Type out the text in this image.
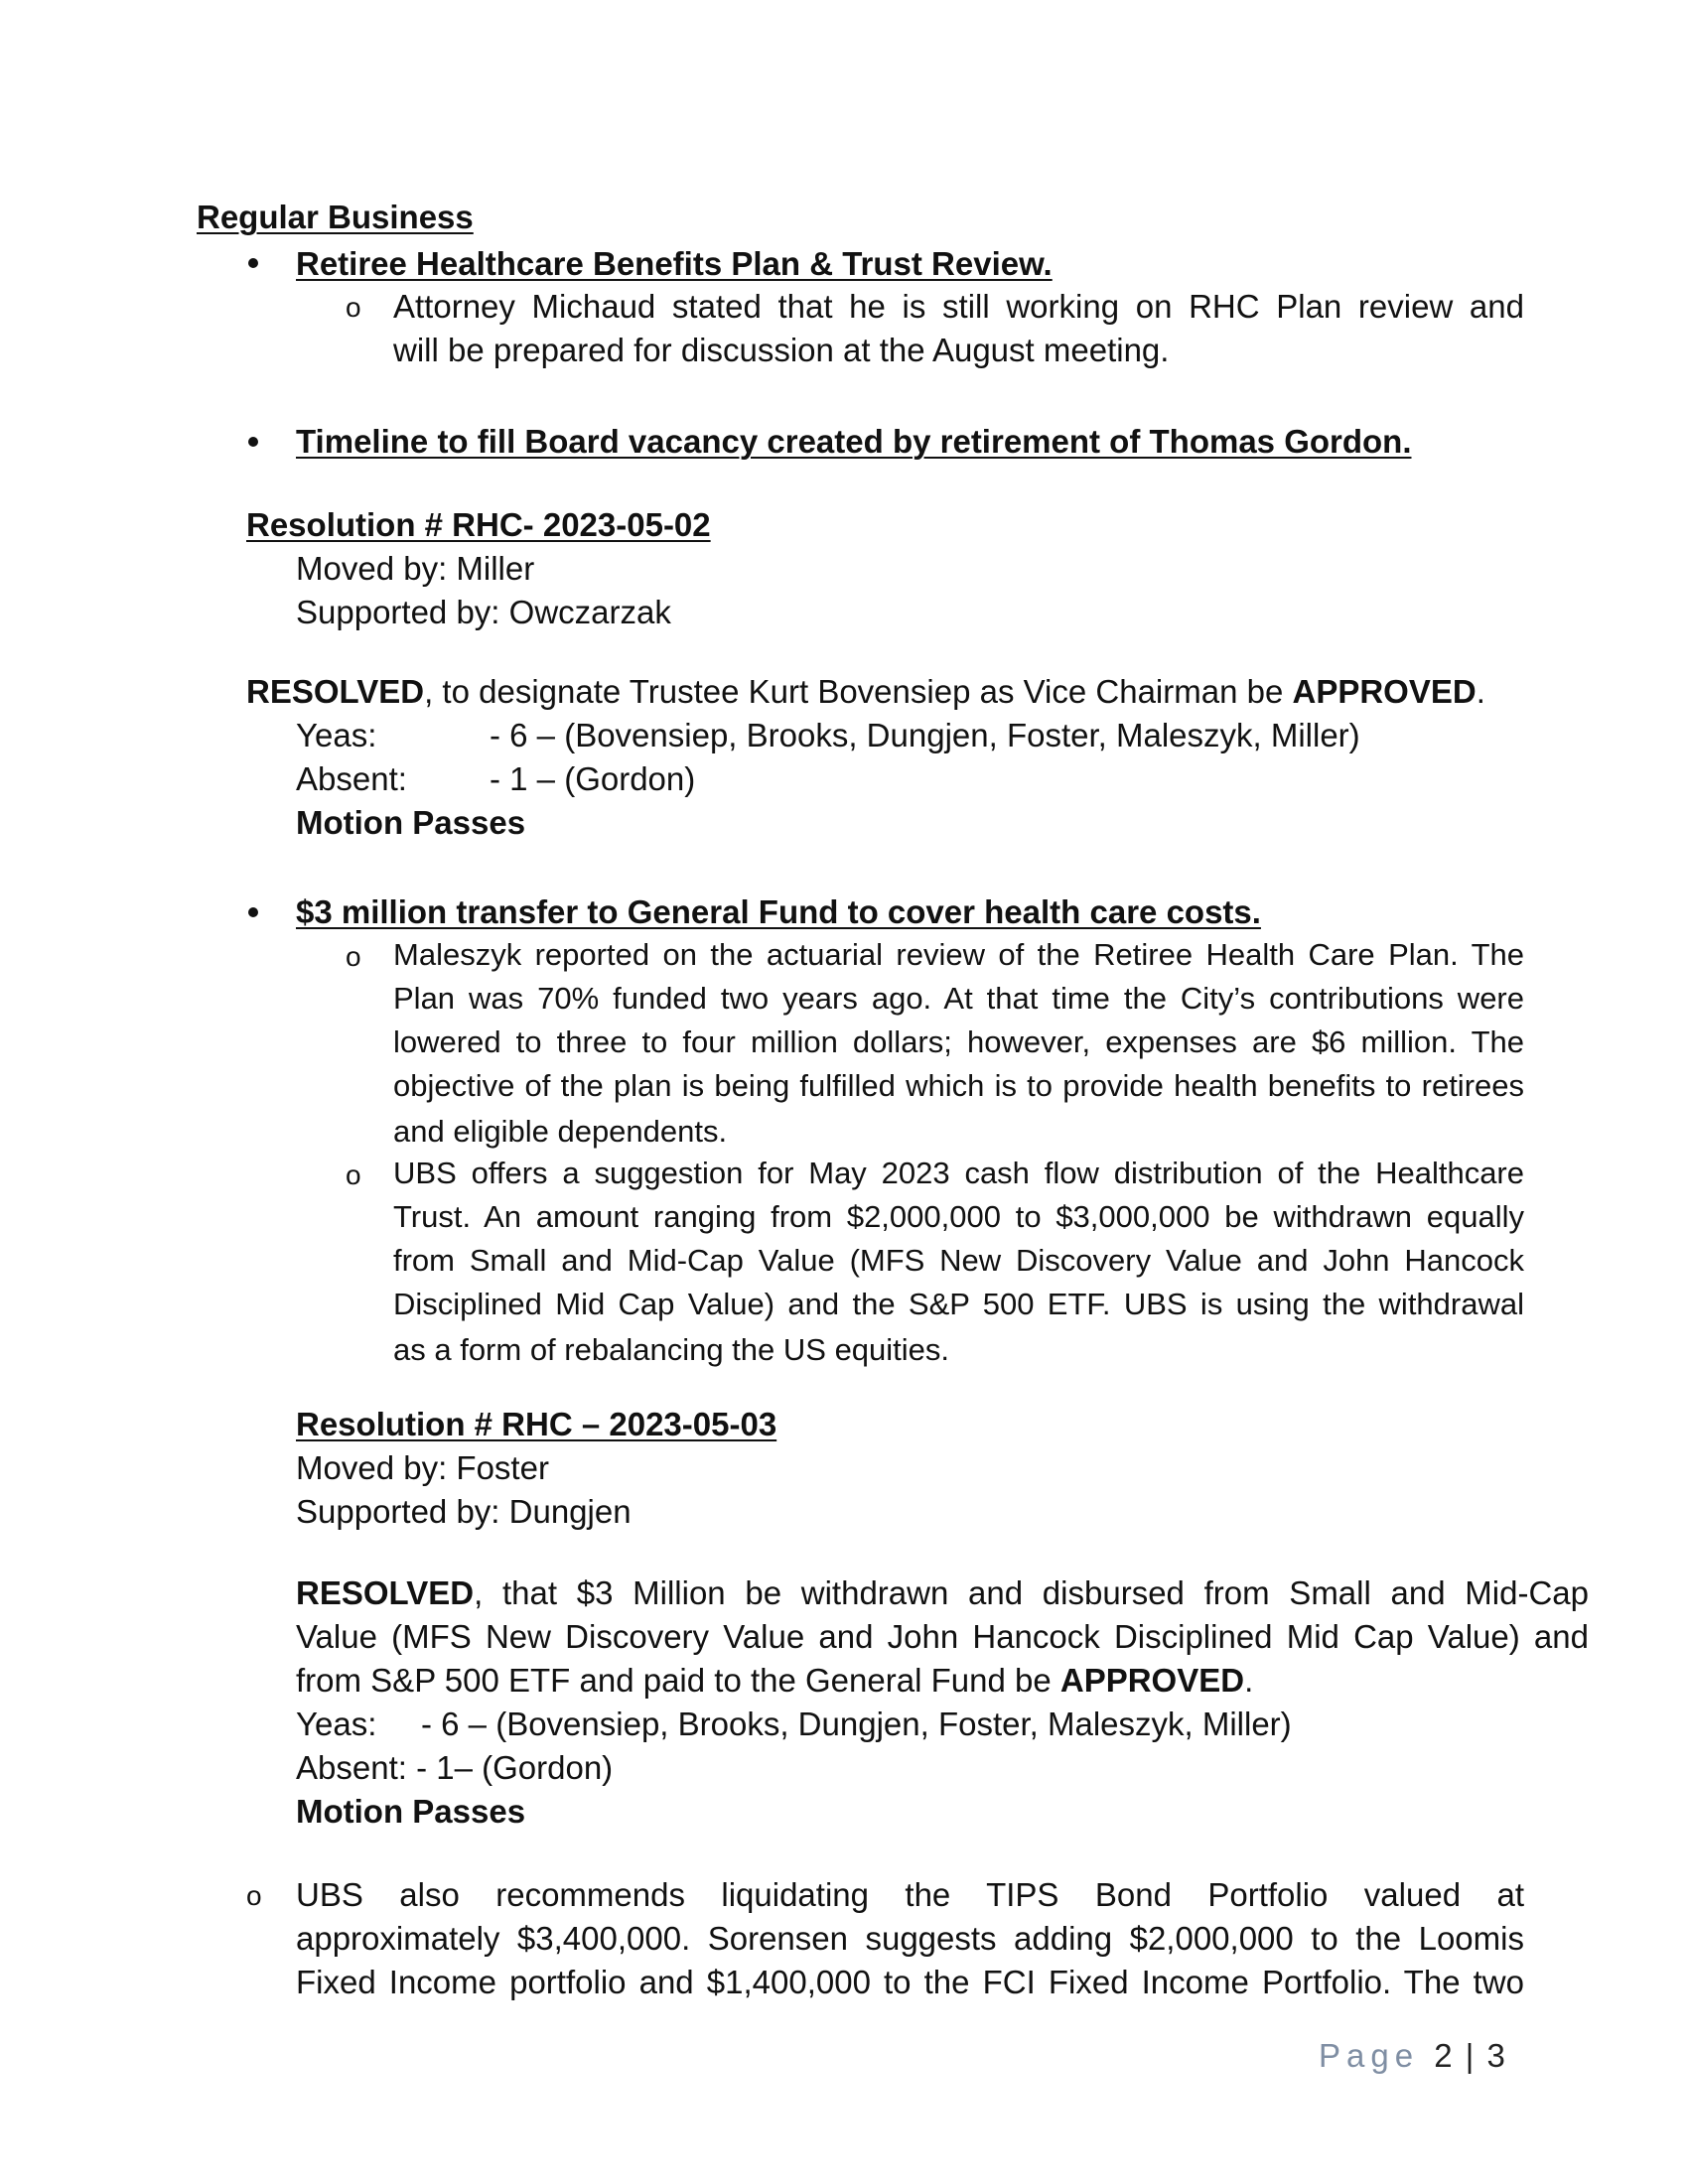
Regular Business
Retiree Healthcare Benefits Plan & Trust Review.
o Attorney Michaud stated that he is still working on RHC Plan review and
will be prepared for discussion at the August meeting.
Timeline to fill Board vacancy created by retirement of Thomas Gordon.
Resolution # RHC- 2023-05-02
Moved by: Miller
Supported by: Owczarzak
RESOLVED, to designate Trustee Kurt Bovensiep as Vice Chairman be APPROVED.
Yeas:	- 6 – (Bovensiep, Brooks, Dungjen, Foster, Maleszyk, Miller)
Absent:	- 1 – (Gordon)
Motion Passes
$3 million transfer to General Fund to cover health care costs.
o Maleszyk reported on the actuarial review of the Retiree Health Care Plan. The
Plan was 70% funded two years ago. At that time the City’s contributions were
lowered to three to four million dollars; however, expenses are $6 million. The
objective of the plan is being fulfilled which is to provide health benefits to retirees
and eligible dependents.
o UBS offers a suggestion for May 2023 cash flow distribution of the Healthcare
Trust. An amount ranging from $2,000,000 to $3,000,000 be withdrawn equally
from Small and Mid-Cap Value (MFS New Discovery Value and John Hancock
Disciplined Mid Cap Value) and the S&P 500 ETF. UBS is using the withdrawal
as a form of rebalancing the US equities.
Resolution # RHC – 2023-05-03
Moved by: Foster
Supported by: Dungjen
RESOLVED, that $3 Million be withdrawn and disbursed from Small and Mid-Cap
Value (MFS New Discovery Value and John Hancock Disciplined Mid Cap Value) and
from S&P 500 ETF and paid to the General Fund be APPROVED.
Yeas: - 6 – (Bovensiep, Brooks, Dungjen, Foster, Maleszyk, Miller)
Absent: - 1– (Gordon)
Motion Passes
o UBS also recommends liquidating the TIPS Bond Portfolio valued at
approximately $3,400,000. Sorensen suggests adding $2,000,000 to the Loomis
Fixed Income portfolio and $1,400,000 to the FCI Fixed Income Portfolio. The two
Page 2 | 3
